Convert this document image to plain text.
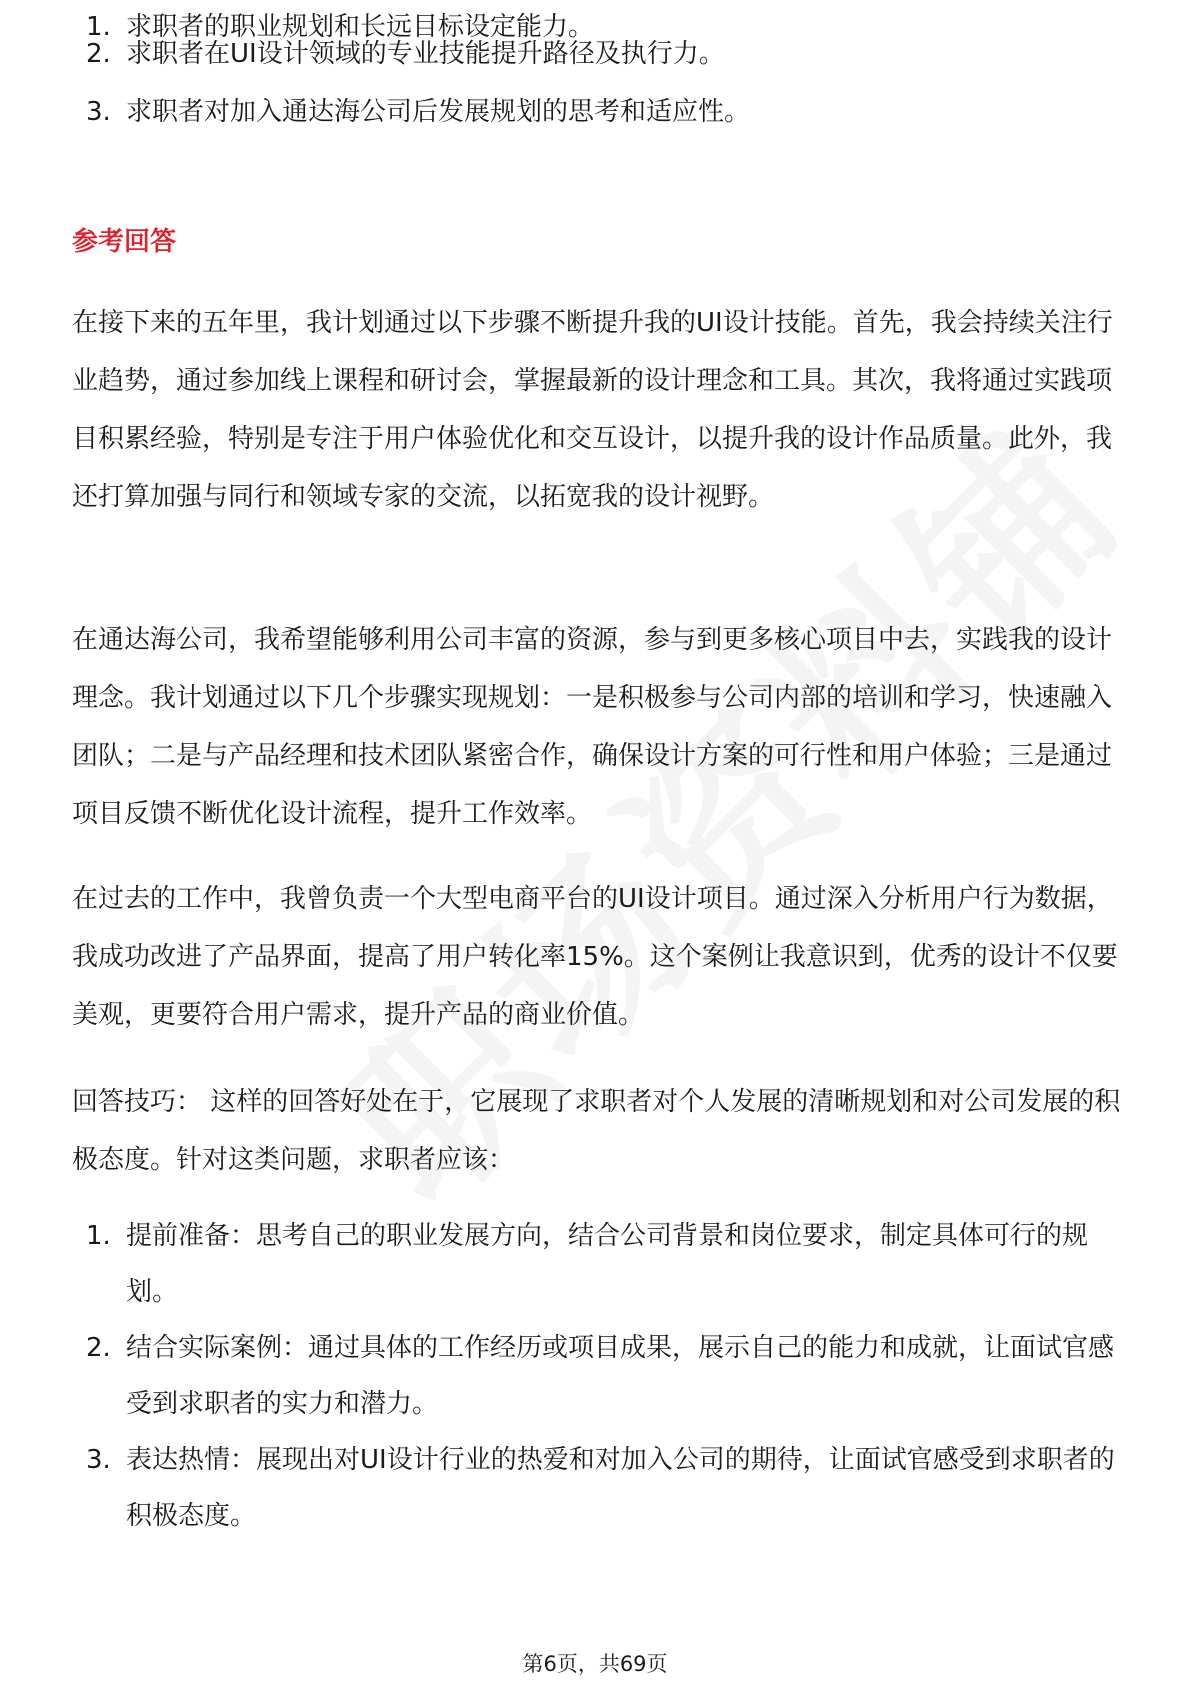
1. 求职者的职业规划和长远目标设定能力。
2. 求职者在UI设计领域的专业技能提升路径及执行力。
3. 求职者对加入通达海公司后发展规划的思考和适应性。
参考回答

在接下来的五年里，我计划通过以下步骤不断提升我的UI设计技能。首先，我会持续关注行业趋势，通过参加线上课程和研讨会，掌握最新的设计理念和工具。其次，我将通过实践项目积累经验，特别是专注于用户体验优化和交互设计，以提升我的设计作品质量。此外，我还打算加强与同行和领域专家的交流，以拓宽我的设计视野。

在通达海公司，我希望能够利用公司丰富的资源，参与到更多核心项目中去，实践我的设计理念。我计划通过以下几个步骤实现规划：一是积极参与公司内部的培训和学习，快速融入团队；二是与产品经理和技术团队紧密合作，确保设计方案的可行性和用户体验；三是通过项目反馈不断优化设计流程，提升工作效率。

在过去的工作中，我曾负责一个大型电商平台的UI设计项目。通过深入分析用户行为数据，我成功改进了产品界面，提高了用户转化率15%。这个案例让我意识到，优秀的设计不仅要美观，更要符合用户需求，提升产品的商业价值。

回答技巧： 这样的回答好处在于，它展现了求职者对个人发展的清晰规划和对公司发展的积极态度。针对这类问题，求职者应该：

1. 提前准备：思考自己的职业发展方向，结合公司背景和岗位要求，制定具体可行的规划。
2. 结合实际案例：通过具体的工作经历或项目成果，展示自己的能力和成就，让面试官感受到求职者的实力和潜力。
3. 表达热情：展现出对UI设计行业的热爱和对加入公司的期待，让面试官感受到求职者的积极态度。
第6页，共69页
